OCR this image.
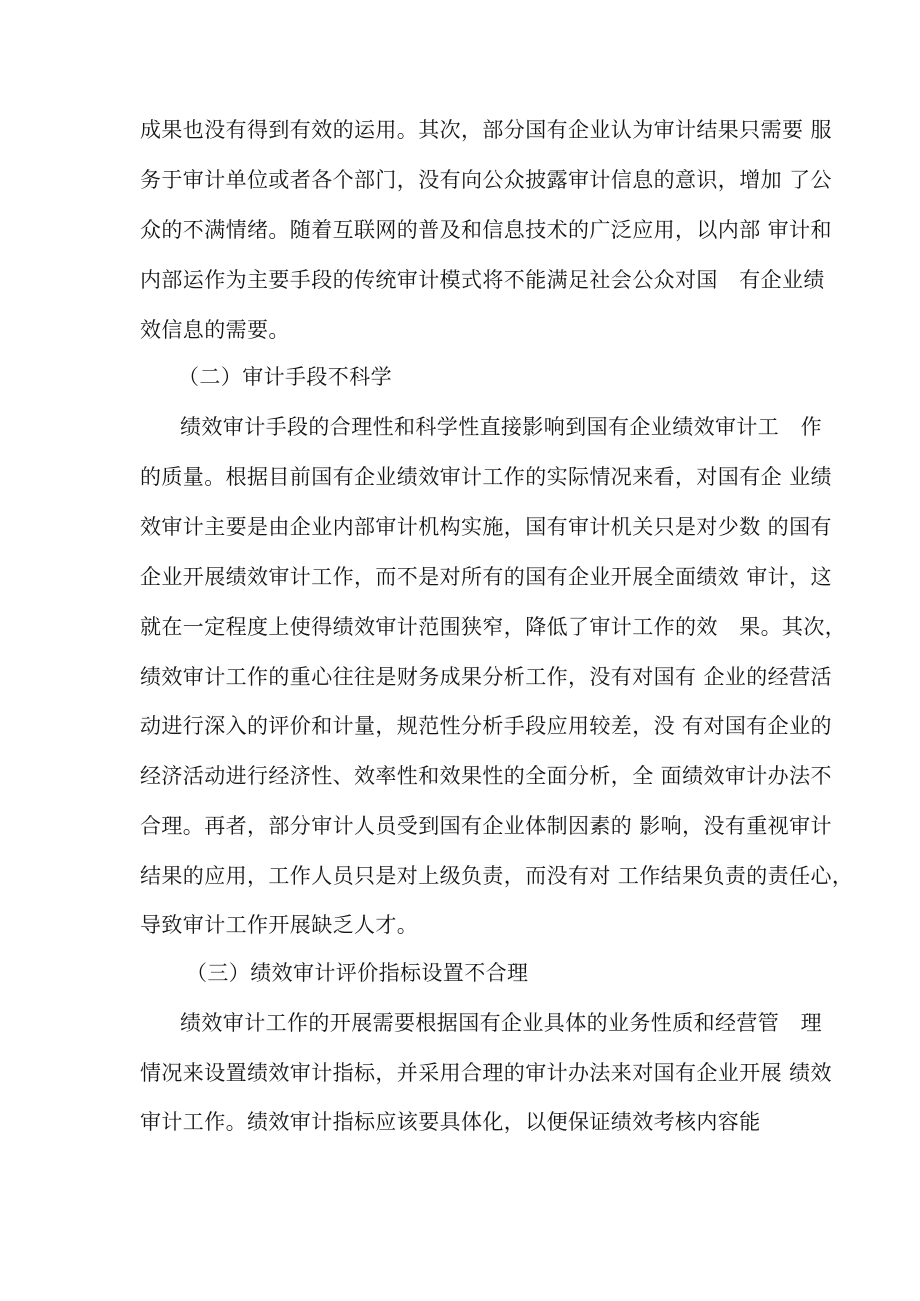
成果也没有得到有效的运用。其次，部分国有企业认为审计结果只需要 服
务于审计单位或者各个部门，没有向公众披露审计信息的意识，增加 了公
众的不满情绪。随着互联网的普及和信息技术的广泛应用，以内部 审计和
内部运作为主要手段的传统审计模式将不能满足社会公众对国　有企业绩
效信息的需要。
（二）审计手段不科学
绩效审计手段的合理性和科学性直接影响到国有企业绩效审计工　作
的质量。根据目前国有企业绩效审计工作的实际情况来看，对国有企 业绩
效审计主要是由企业内部审计机构实施，国有审计机关只是对少数 的国有
企业开展绩效审计工作，而不是对所有的国有企业开展全面绩效 审计，这
就在一定程度上使得绩效审计范围狭窄，降低了审计工作的效　果。其次，
绩效审计工作的重心往往是财务成果分析工作，没有对国有 企业的经营活
动进行深入的评价和计量，规范性分析手段应用较差，没 有对国有企业的
经济活动进行经济性、效率性和效果性的全面分析，全 面绩效审计办法不
合理。再者，部分审计人员受到国有企业体制因素的 影响，没有重视审计
结果的应用，工作人员只是对上级负责，而没有对 工作结果负责的责任心，
导致审计工作开展缺乏人才。
（三）绩效审计评价指标设置不合理
绩效审计工作的开展需要根据国有企业具体的业务性质和经营管　理
情况来设置绩效审计指标，并采用合理的审计办法来对国有企业开展 绩效
审计工作。绩效审计指标应该要具体化，以便保证绩效考核内容能
